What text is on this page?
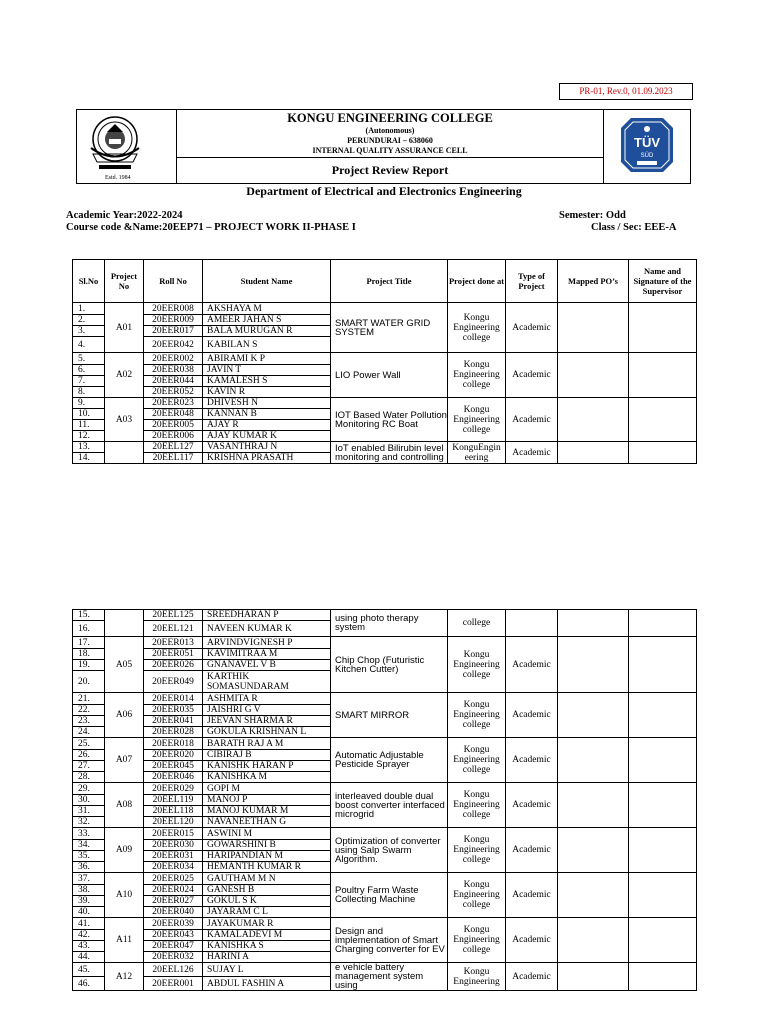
PR-01, Rev.0, 01.09.2023
Estd. 1984
KONGU ENGINEERING COLLEGE
(Autonomous)
PERUNDURAI – 638060
INTERNAL QUALITY ASSURANCE CELL
Project Review Report
TÜV
SÜD
Department of Electrical and Electronics Engineering
Academic Year:2022-2024
Course code &Name:20EEP71 – PROJECT WORK II-PHASE I
Semester: Odd
Class / Sec: EEE-A
Sl.No	Project No	Roll No	Student Name	Project Title	Project done at	Type of Project	Mapped PO’s	Name and Signature of the Supervisor
1.	A01	20EER008	AKSHAYA M	SMART WATER GRID SYSTEM	Kongu Engineering college	Academic		
2.		20EER009	AMEER JAHAN S					
3.		20EER017	BALA MURUGAN R					
4.		20EER042	KABILAN S					
5.	A02	20EER002	ABIRAMI K P	LIO Power Wall	Kongu Engineering college	Academic		
6.		20EER038	JAVIN T					
7.		20EER044	KAMALESH S					
8.		20EER052	KAVIN R					
9.	A03	20EER023	DHIVESH N	IOT Based Water Pollution Monitoring RC Boat	Kongu Engineering college	Academic		
10.		20EER048	KANNAN B					
11.		20EER005	AJAY R					
12.		20EER006	AJAY KUMAR K					
13.		20EEL127	VASANTHRAJ N	IoT enabled Bilirubin level monitoring and controlling	KonguEngin eering	Academic		
14.		20EEL117	KRISHNA PRASATH					
15.		20EEL125	SREEDHARAN P	using photo therapy system	college			
16.		20EEL121	NAVEEN KUMAR K					
17.	A05	20EER013	ARVINDVIGNESH P	Chip Chop (Futuristic Kitchen Cutter)	Kongu Engineering college	Academic		
18.		20EER051	KAVIMITRAA M					
19.		20EER026	GNANAVEL V B					
20.		20EER049	KARTHIK SOMASUNDARAM					
21.	A06	20EER014	ASHMITA R	SMART MIRROR	Kongu Engineering college	Academic		
22.		20EER035	JAISHRI G V					
23.		20EER041	JEEVAN SHARMA R					
24.		20EER028	GOKULA KRISHNAN L					
25.	A07	20EER018	BARATH RAJ A M	Automatic Adjustable Pesticide Sprayer	Kongu Engineering college	Academic		
26.		20EER020	CIBIRAJ B					
27.		20EER045	KANISHK HARAN P					
28.		20EER046	KANISHKA M					
29.	A08	20EER029	GOPI M	interleaved double dual boost converter interfaced microgrid	Kongu Engineering college	Academic		
30.		20EEL119	MANOJ P					
31.		20EEL118	MANOJ KUMAR M					
32.		20EEL120	NAVANEETHAN G					
33.	A09	20EER015	ASWINI M	Optimization of converter using Salp Swarm Algorithm.	Kongu Engineering college	Academic		
34.		20EER030	GOWARSHINI B					
35.		20EER031	HARIPANDIAN M					
36.		20EER034	HEMANTH KUMAR R					
37.	A10	20EER025	GAUTHAM M N	Poultry Farm Waste Collecting Machine	Kongu Engineering college	Academic		
38.		20EER024	GANESH B					
39.		20EER027	GOKUL S K					
40.		20EER040	JAYARAM C L					
41.	A11	20EER039	JAYAKUMAR R	Design and implementation of Smart Charging converter for EV	Kongu Engineering college	Academic		
42.		20EER043	KAMALADEVI M					
43.		20EER047	KANISHKA S					
44.		20EER032	HARINI A					
45.	A12	20EEL126	SUJAY L	e vehicle battery management system using	Kongu Engineering	Academic		
46.		20EER001	ABDUL FASHIN A					
